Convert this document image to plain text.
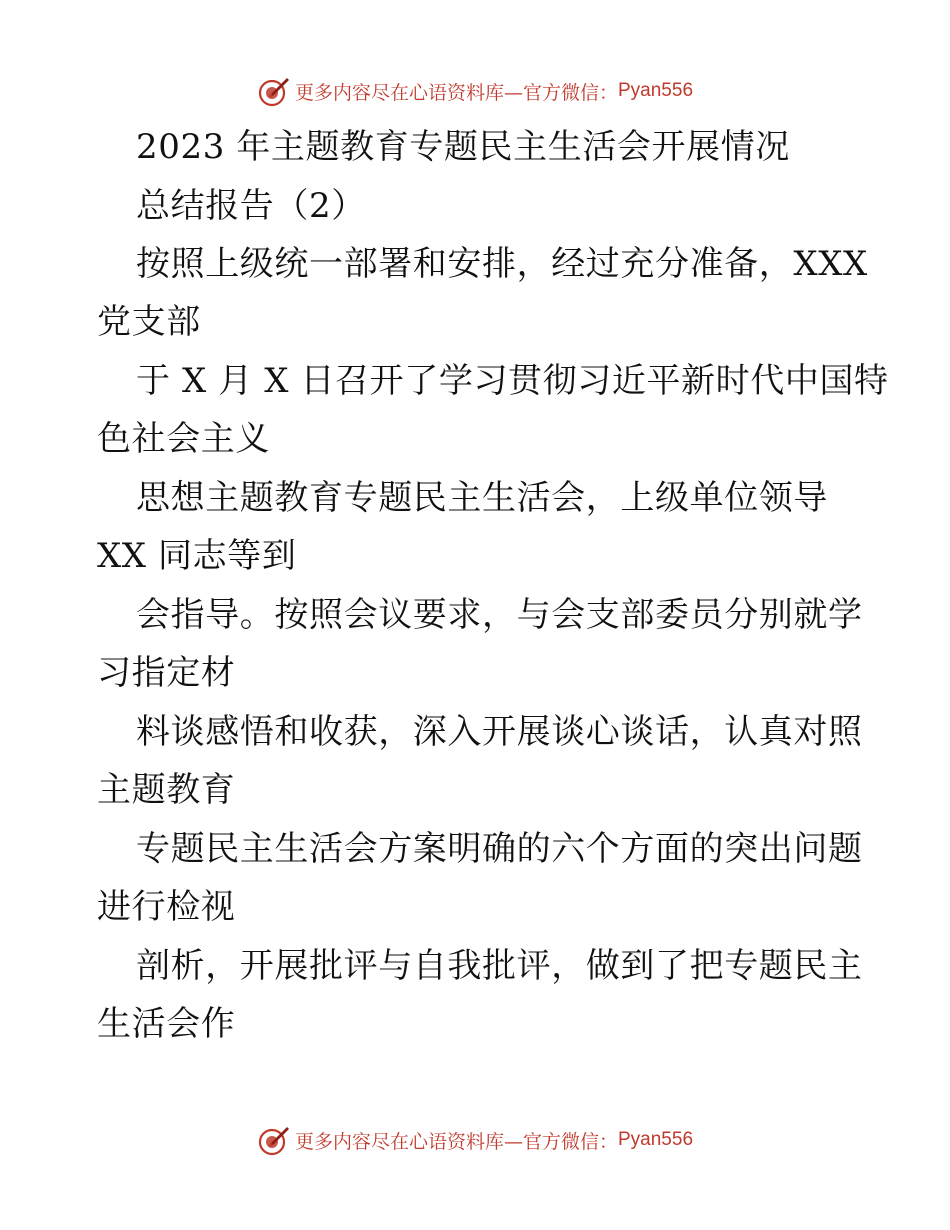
更多内容尽在心语资料库—官方微信： Pyan556
2023 年主题教育专题民主生活会开展情况
总结报告（2）
按照上级统一部署和安排，经过充分准备，XXX
党支部
于 X 月 X 日召开了学习贯彻习近平新时代中国特
色社会主义
思想主题教育专题民主生活会，上级单位领导
XX 同志等到
会指导。按照会议要求，与会支部委员分别就学
习指定材
料谈感悟和收获，深入开展谈心谈话，认真对照
主题教育
专题民主生活会方案明确的六个方面的突出问题
进行检视
剖析，开展批评与自我批评，做到了把专题民主
生活会作
更多内容尽在心语资料库—官方微信： Pyan556
